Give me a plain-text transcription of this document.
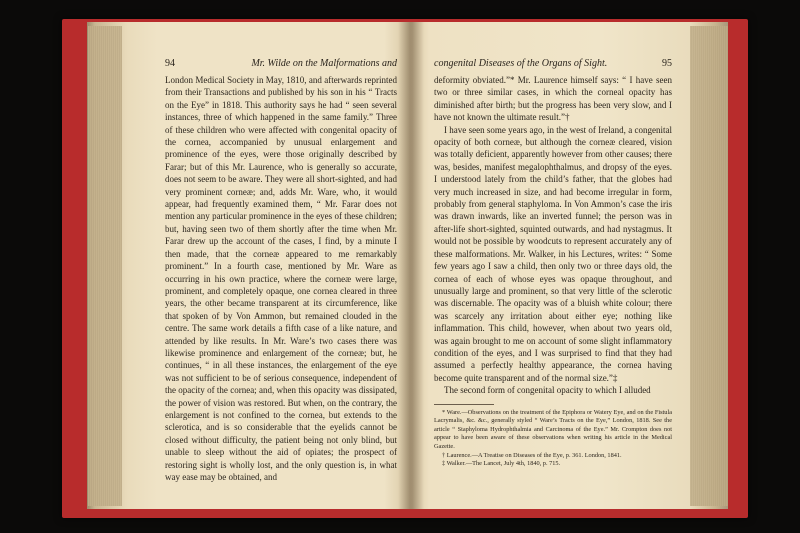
94	Mr. Wilde on the Malformations and

London Medical Society in May, 1810, and afterwards reprinted from their Transactions and published by his son in his “ Tracts on the Eye” in 1818. This authority says he had “ seen several instances, three of which happened in the same family.” Three of these children who were affected with congenital opacity of the cornea, accompanied by unusual enlargement and prominence of the eyes, were those originally described by Farar; but of this Mr. Laurence, who is generally so accurate, does not seem to be aware. They were all short-sighted, and had very prominent corneæ; and, adds Mr. Ware, who, it would appear, had frequently examined them, “ Mr. Farar does not mention any particular prominence in the eyes of these children; but, having seen two of them shortly after the time when Mr. Farar drew up the account of the cases, I find, by a minute I then made, that the corneæ appeared to me remarkably prominent.” In a fourth case, mentioned by Mr. Ware as occurring in his own practice, where the corneæ were large, prominent, and completely opaque, one cornea cleared in three years, the other became transparent at its circumference, like that spoken of by Von Ammon, but remained clouded in the centre. The same work details a fifth case of a like nature, and attended by like results. In Mr. Ware’s two cases there was likewise prominence and enlargement of the corneæ; but, he continues, “ in all these instances, the enlargement of the eye was not sufficient to be of serious consequence, independent of the opacity of the cornea; and, when this opacity was dissipated, the power of vision was restored. But when, on the contrary, the enlargement is not confined to the cornea, but extends to the sclerotica, and is so considerable that the eyelids cannot be closed without difficulty, the patient being not only blind, but unable to sleep without the aid of opiates; the prospect of restoring sight is wholly lost, and the only question is, in what way ease may be obtained, and

congenital Diseases of the Organs of Sight.	95

deformity obviated.”* Mr. Laurence himself says: “ I have seen two or three similar cases, in which the corneal opacity has diminished after birth; but the progress has been very slow, and I have not known the ultimate result.”†

I have seen some years ago, in the west of Ireland, a congenital opacity of both corneæ, but although the corneæ cleared, vision was totally deficient, apparently however from other causes; there was, besides, manifest megalophthalmus, and dropsy of the eyes. I understood lately from the child’s father, that the globes had very much increased in size, and had become irregular in form, probably from general staphyloma. In Von Ammon’s case the iris was drawn inwards, like an inverted funnel; the person was in after-life short-sighted, squinted outwards, and had nystagmus. It would not be possible by woodcuts to represent accurately any of these malformations. Mr. Walker, in his Lectures, writes: “ Some few years ago I saw a child, then only two or three days old, the cornea of each of whose eyes was opaque throughout, and unusually large and prominent, so that very little of the sclerotic was discernable. The opacity was of a bluish white colour; there was scarcely any irritation about either eye; nothing like inflammation. This child, however, when about two years old, was again brought to me on account of some slight inflammatory condition of the eyes, and I was surprised to find that they had assumed a perfectly healthy appearance, the cornea having become quite transparent and of the normal size.”‡

The second form of congenital opacity to which I alluded

* Ware.—Observations on the treatment of the Epiphora or Watery Eye, and on the Fistula Lacrymalis, &c. &c., generally styled “ Ware’s Tracts on the Eye,” London, 1818. See the article “ Staphyloma Hydrophthalmia and Carcinoma of the Eye.” Mr. Crompton does not appear to have been aware of these observations when writing his article in the Medical Gazette.

† Laurence.—A Treatise on Diseases of the Eye, p. 361. London, 1841.

‡ Walker.—The Lancet, July 4th, 1840, p. 715.
